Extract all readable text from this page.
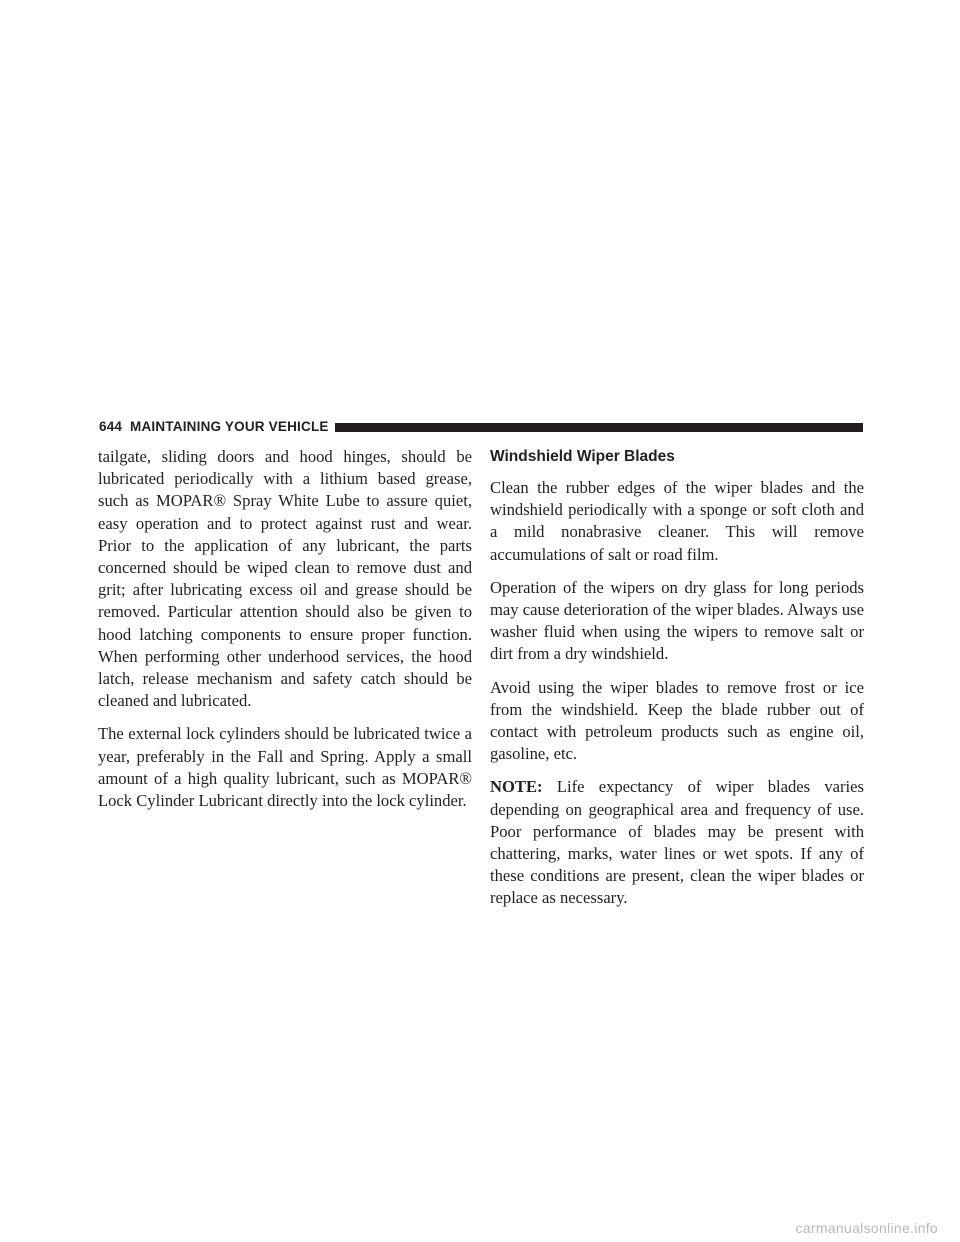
644 MAINTAINING YOUR VEHICLE

tailgate, sliding doors and hood hinges, should be lubricated periodically with a lithium based grease, such as MOPAR® Spray White Lube to assure quiet, easy operation and to protect against rust and wear. Prior to the application of any lubricant, the parts concerned should be wiped clean to remove dust and grit; after lubricating excess oil and grease should be removed. Particular attention should also be given to hood latching components to ensure proper function. When performing other underhood services, the hood latch, release mechanism and safety catch should be cleaned and lubricated.

The external lock cylinders should be lubricated twice a year, preferably in the Fall and Spring. Apply a small amount of a high quality lubricant, such as MOPAR® Lock Cylinder Lubricant directly into the lock cylinder.

Windshield Wiper Blades

Clean the rubber edges of the wiper blades and the windshield periodically with a sponge or soft cloth and a mild nonabrasive cleaner. This will remove accumulations of salt or road film.

Operation of the wipers on dry glass for long periods may cause deterioration of the wiper blades. Always use washer fluid when using the wipers to remove salt or dirt from a dry windshield.

Avoid using the wiper blades to remove frost or ice from the windshield. Keep the blade rubber out of contact with petroleum products such as engine oil, gasoline, etc.

NOTE: Life expectancy of wiper blades varies depending on geographical area and frequency of use. Poor performance of blades may be present with chattering, marks, water lines or wet spots. If any of these conditions are present, clean the wiper blades or replace as necessary.

carmanualsonline.info
